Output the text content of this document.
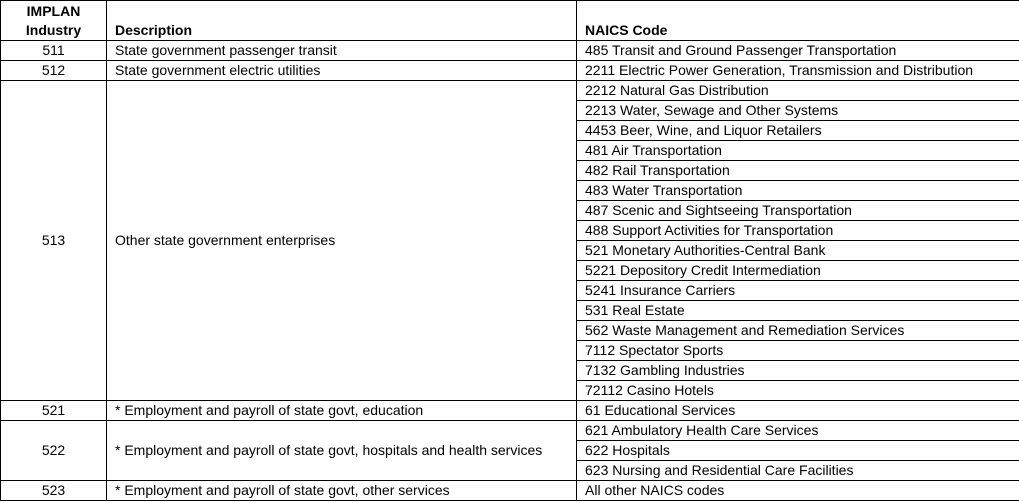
IMPLAN Industry	Description	NAICS Code
511	State government passenger transit	485 Transit and Ground Passenger Transportation
512	State government electric utilities	2211 Electric Power Generation, Transmission and Distribution
513	Other state government enterprises	2212 Natural Gas Distribution
		2213 Water, Sewage and Other Systems
		4453 Beer, Wine, and Liquor Retailers
		481 Air Transportation
		482 Rail Transportation
		483 Water Transportation
		487 Scenic and Sightseeing Transportation
		488 Support Activities for Transportation
		521 Monetary Authorities-Central Bank
		5221 Depository Credit Intermediation
		5241 Insurance Carriers
		531 Real Estate
		562 Waste Management and Remediation Services
		7112 Spectator Sports
		7132 Gambling Industries
		72112 Casino Hotels
521	* Employment and payroll of state govt, education	61 Educational Services
522	* Employment and payroll of state govt, hospitals and health services	621 Ambulatory Health Care Services
		622 Hospitals
		623 Nursing and Residential Care Facilities
523	* Employment and payroll of state govt, other services	All other NAICS codes
